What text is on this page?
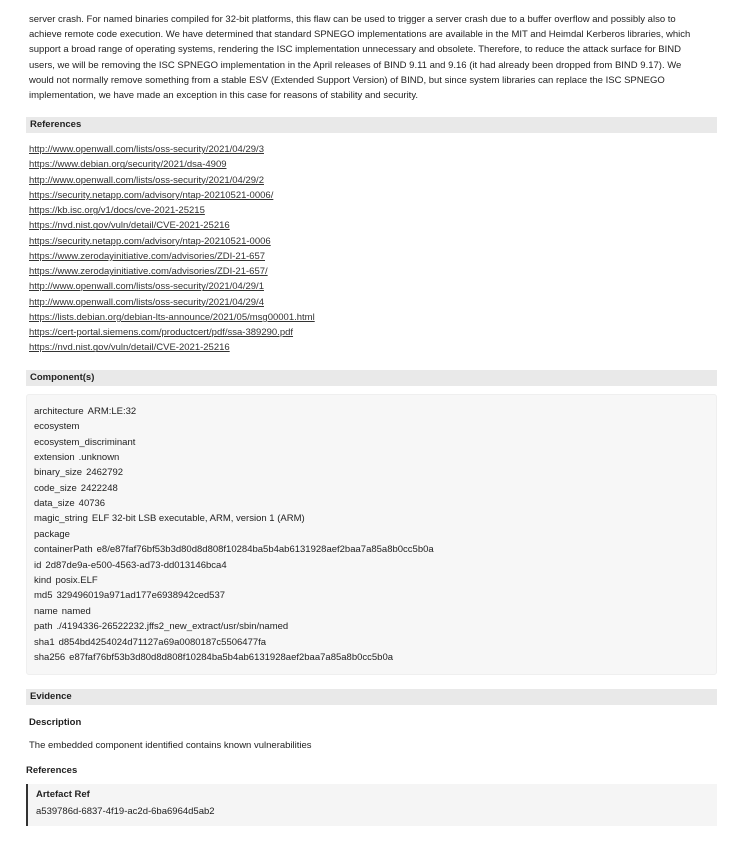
server crash. For named binaries compiled for 32-bit platforms, this flaw can be used to trigger a server crash due to a buffer overflow and possibly also to achieve remote code execution. We have determined that standard SPNEGO implementations are available in the MIT and Heimdal Kerberos libraries, which support a broad range of operating systems, rendering the ISC implementation unnecessary and obsolete. Therefore, to reduce the attack surface for BIND users, we will be removing the ISC SPNEGO implementation in the April releases of BIND 9.11 and 9.16 (it had already been dropped from BIND 9.17). We would not normally remove something from a stable ESV (Extended Support Version) of BIND, but since system libraries can replace the ISC SPNEGO implementation, we have made an exception in this case for reasons of stability and security.

References
http://www.openwall.com/lists/oss-security/2021/04/29/3
https://www.debian.org/security/2021/dsa-4909
http://www.openwall.com/lists/oss-security/2021/04/29/2
https://security.netapp.com/advisory/ntap-20210521-0006/
https://kb.isc.org/v1/docs/cve-2021-25215
https://nvd.nist.gov/vuln/detail/CVE-2021-25216
https://security.netapp.com/advisory/ntap-20210521-0006
https://www.zerodayinitiative.com/advisories/ZDI-21-657
https://www.zerodayinitiative.com/advisories/ZDI-21-657/
http://www.openwall.com/lists/oss-security/2021/04/29/1
http://www.openwall.com/lists/oss-security/2021/04/29/4
https://lists.debian.org/debian-lts-announce/2021/05/msg00001.html
https://cert-portal.siemens.com/productcert/pdf/ssa-389290.pdf
https://nvd.nist.gov/vuln/detail/CVE-2021-25216
Component(s)
architecture ARM:LE:32
ecosystem
ecosystem_discriminant
extension .unknown
binary_size 2462792
code_size 2422248
data_size 40736
magic_string ELF 32-bit LSB executable, ARM, version 1 (ARM)
package
containerPath e8/e87faf76bf53b3d80d8d808f10284ba5b4ab6131928aef2baa7a85a8b0cc5b0a
id 2d87de9a-e500-4563-ad73-dd013146bca4
kind posix.ELF
md5 329496019a971ad177e6938942ced537
name named
path ./4194336-26522232.jffs2_new_extract/usr/sbin/named
sha1 d854bd4254024d71127a69a0080187c5506477fa
sha256 e87faf76bf53b3d80d8d808f10284ba5b4ab6131928aef2baa7a85a8b0cc5b0a
Evidence
Description
The embedded component identified contains known vulnerabilities
References
Artefact Ref
a539786d-6837-4f19-ac2d-6ba6964d5ab2
